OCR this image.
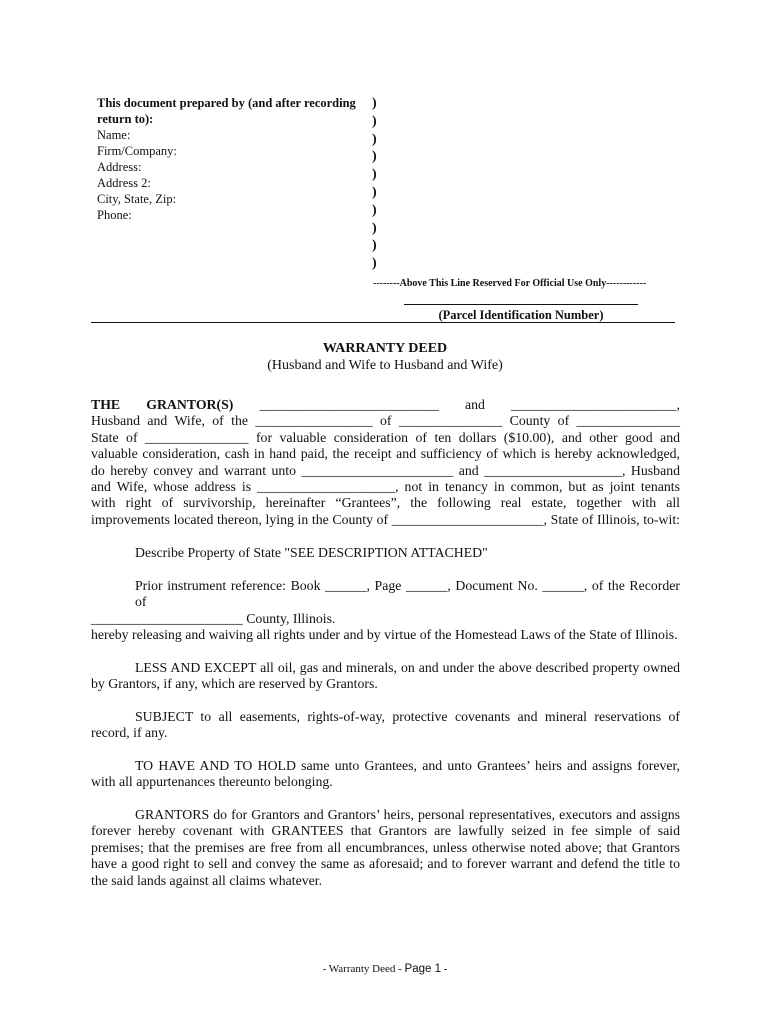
This document prepared by (and after recording
return to):
Name:
Firm/Company:
Address:
Address 2:
City, State, Zip:
Phone:
)
)
)
)
)
)
)
)
)
)
--------Above This Line Reserved For Official Use Only------------
(Parcel Identification Number)
WARRANTY DEED
(Husband and Wife to Husband and Wife)
THE GRANTOR(S) __________________________ and ________________________,
Husband and Wife, of the _________________ of _______________ County of _______________
State of _______________ for valuable consideration of ten dollars ($10.00), and other good and
valuable consideration, cash in hand paid, the receipt and sufficiency of which is hereby acknowledged,
do hereby convey and warrant unto ______________________ and ____________________, Husband
and Wife, whose address is ____________________, not in tenancy in common, but as joint tenants
with right of survivorship, hereinafter “Grantees”, the following real estate, together with all
improvements located thereon, lying in the County of ______________________, State of Illinois, to-wit:
Describe Property of State "SEE DESCRIPTION ATTACHED"
Prior instrument reference: Book ______, Page ______, Document No. ______, of the Recorder of
______________________ County, Illinois.
hereby releasing and waiving all rights under and by virtue of the Homestead Laws of the State of Illinois.
LESS AND EXCEPT all oil, gas and minerals, on and under the above described property owned
by Grantors, if any, which are reserved by Grantors.
SUBJECT to all easements, rights-of-way, protective covenants and mineral reservations of
record, if any.
TO HAVE AND TO HOLD same unto Grantees, and unto Grantees’ heirs and assigns forever,
with all appurtenances thereunto belonging.
GRANTORS do for Grantors and Grantors’ heirs, personal representatives, executors and assigns
forever hereby covenant with GRANTEES that Grantors are lawfully seized in fee simple of said
premises; that the premises are free from all encumbrances, unless otherwise noted above; that Grantors
have a good right to sell and convey the same as aforesaid; and to forever warrant and defend the title to
the said lands against all claims whatever.
- Warranty Deed - Page 1 -
